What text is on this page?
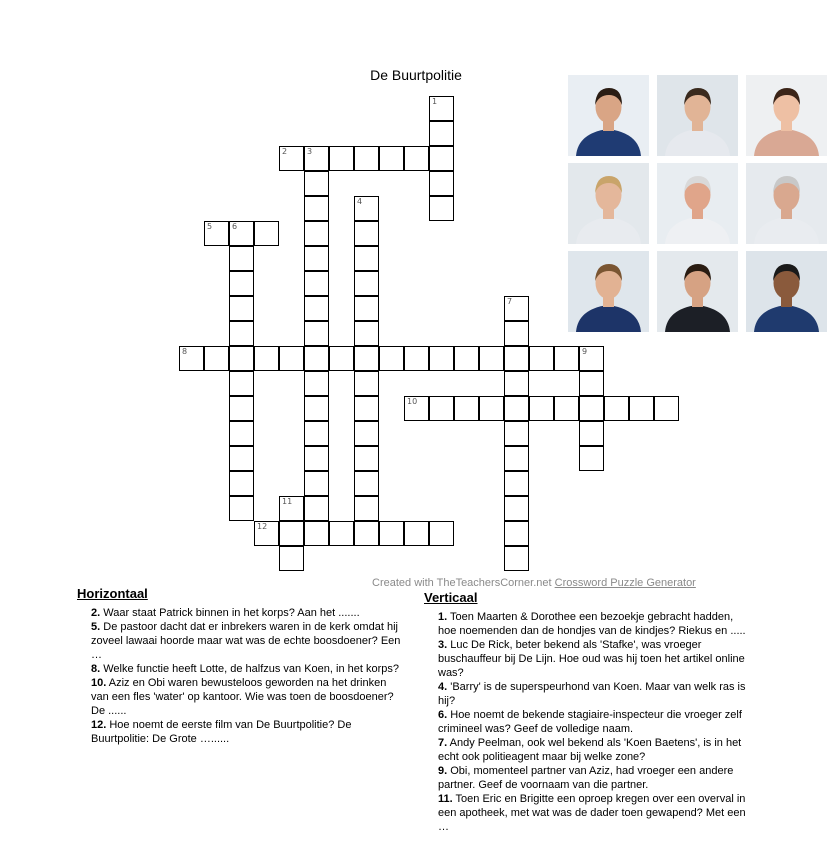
De Buurtpolitie
1
2 3
4
5 6
7
8	9
10
11
12
Created with TheTeachersCorner.net Crossword Puzzle Generator
Horizontaal
2. Waar staat Patrick binnen in het korps? Aan het .......
5. De pastoor dacht dat er inbrekers waren in de kerk omdat hij zoveel lawaai hoorde maar wat was de echte boosdoener? Een …
8. Welke functie heeft Lotte, de halfzus van Koen, in het korps?
10. Aziz en Obi waren bewusteloos geworden na het drinken van een fles 'water' op kantoor. Wie was toen de boosdoener? De ......
12. Hoe noemt de eerste film van De Buurtpolitie? De Buurtpolitie: De Grote …......
Verticaal
1. Toen Maarten & Dorothee een bezoekje gebracht hadden, hoe noemenden dan de hondjes van de kindjes? Riekus en .....
3. Luc De Rick, beter bekend als 'Stafke', was vroeger buschauffeur bij De Lijn. Hoe oud was hij toen het artikel online was?
4. 'Barry' is de superspeurhond van Koen. Maar van welk ras is hij?
6. Hoe noemt de bekende stagiaire-inspecteur die vroeger zelf crimineel was? Geef de volledige naam.
7. Andy Peelman, ook wel bekend als 'Koen Baetens', is in het echt ook politieagent maar bij welke zone?
9. Obi, momenteel partner van Aziz, had vroeger een andere partner. Geef de voornaam van die partner.
11. Toen Eric en Brigitte een oproep kregen over een overval in een apotheek, met wat was de dader toen gewapend? Met een …
